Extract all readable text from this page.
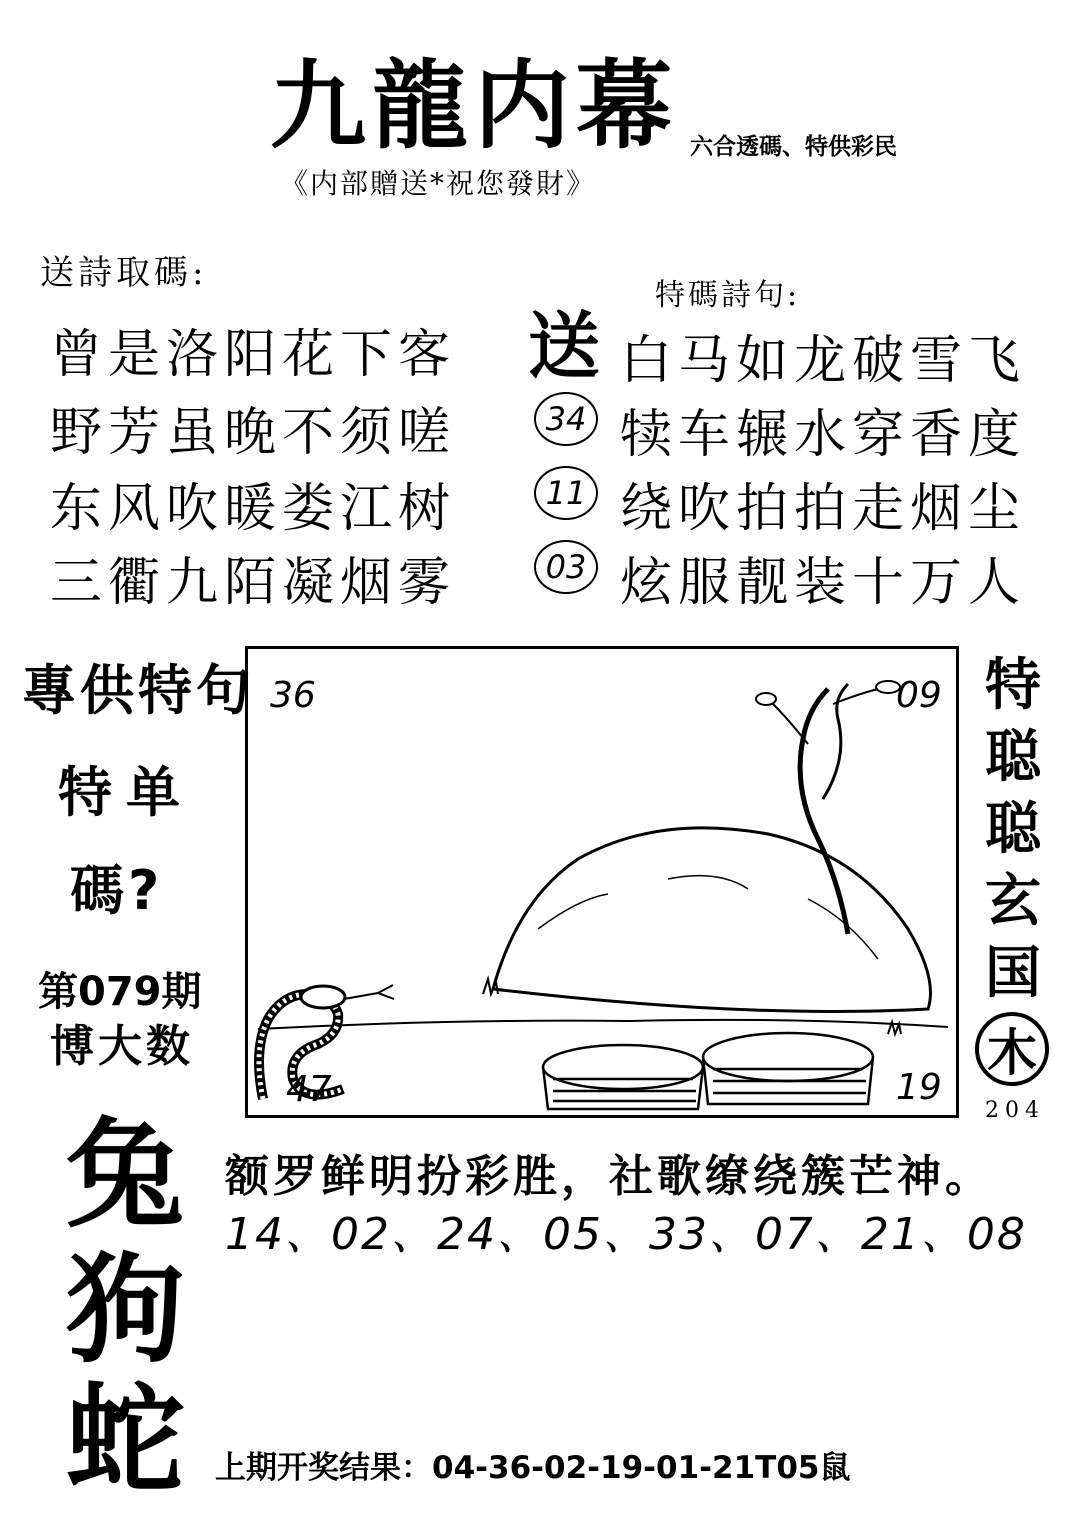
九龍内幕 六合透碼、特供彩民
《内部贈送*祝您發財》
送詩取碼:
曾是洛阳花下客
野芳虽晚不须嗟
东风吹暖娄江树
三衢九陌凝烟雾
特碼詩句:
送 白马如龙破雪飞
34 犊车辗水穿香度
11 绕吹拍拍走烟尘
03 炫服靓装十万人
專供特句
特单
碼?
第079期
博大数
兔
狗
蛇
36	09
47	19
特
聪
聪
玄
国
木
204
额罗鲜明扮彩胜，社歌缭绕簇芒神。
14、02、24、05、33、07、21、08
上期开奖结果：04-36-02-19-01-21T05鼠
